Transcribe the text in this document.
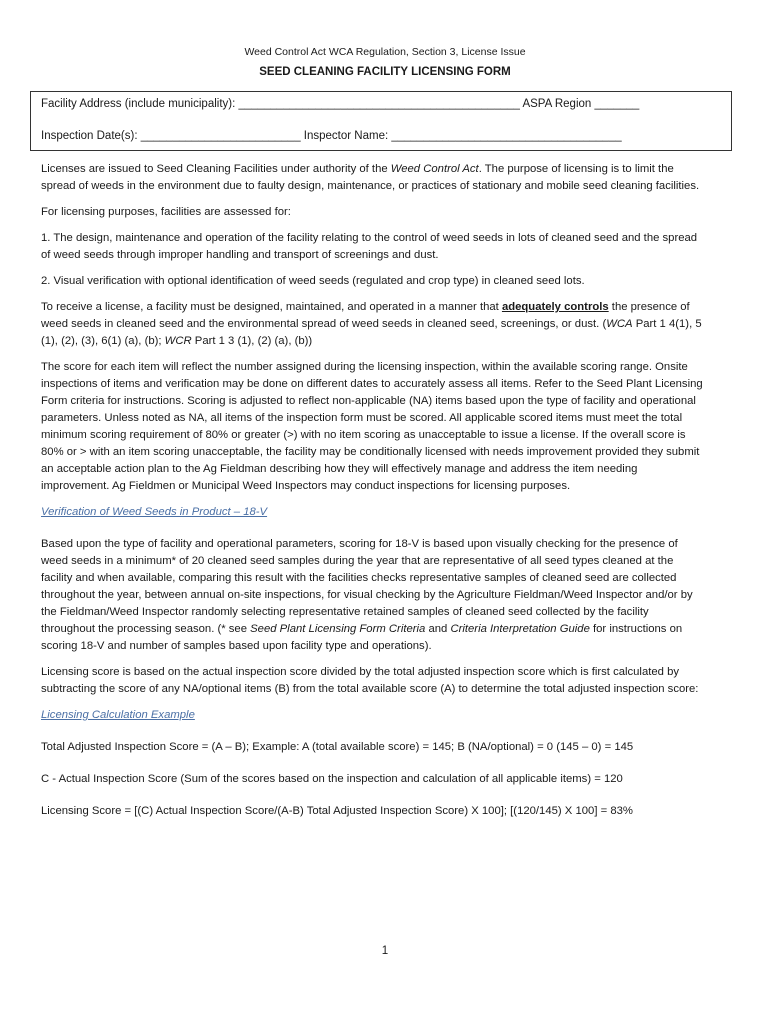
Weed Control Act WCA Regulation, Section 3, License Issue
SEED CLEANING FACILITY LICENSING FORM
Facility Address (include municipality): ____________________________________________ ASPA Region _______
Inspection Date(s): _________________________ Inspector Name: ____________________________________

Licenses are issued to Seed Cleaning Facilities under authority of the Weed Control Act. The purpose of licensing is to limit the spread of weeds in the environment due to faulty design, maintenance, or practices of stationary and mobile seed cleaning facilities.

For licensing purposes, facilities are assessed for:

1. The design, maintenance and operation of the facility relating to the control of weed seeds in lots of cleaned seed and the spread of weed seeds through improper handling and transport of screenings and dust.

2. Visual verification with optional identification of weed seeds (regulated and crop type) in cleaned seed lots.

To receive a license, a facility must be designed, maintained, and operated in a manner that adequately controls the presence of weed seeds in cleaned seed and the environmental spread of weed seeds in cleaned seed, screenings, or dust. (WCA Part 1 4(1), 5 (1), (2), (3), 6(1) (a), (b); WCR Part 1 3 (1), (2) (a), (b))

The score for each item will reflect the number assigned during the licensing inspection, within the available scoring range. Onsite inspections of items and verification may be done on different dates to accurately assess all items. Refer to the Seed Plant Licensing Form criteria for instructions. Scoring is adjusted to reflect non-applicable (NA) items based upon the type of facility and operational parameters. Unless noted as NA, all items of the inspection form must be scored. All applicable scored items must meet the total minimum scoring requirement of 80% or greater (>) with no item scoring as unacceptable to issue a license. If the overall score is 80% or > with an item scoring unacceptable, the facility may be conditionally licensed with needs improvement provided they submit an acceptable action plan to the Ag Fieldman describing how they will effectively manage and address the item needing improvement. Ag Fieldmen or Municipal Weed Inspectors may conduct inspections for licensing purposes.

Verification of Weed Seeds in Product – 18-V

Based upon the type of facility and operational parameters, scoring for 18-V is based upon visually checking for the presence of weed seeds in a minimum* of 20 cleaned seed samples during the year that are representative of all seed types cleaned at the facility and when available, comparing this result with the facilities checks representative samples of cleaned seed are collected throughout the year, between annual on-site inspections, for visual checking by the Agriculture Fieldman/Weed Inspector and/or by the Fieldman/Weed Inspector randomly selecting representative retained samples of cleaned seed collected by the facility throughout the processing season. (* see Seed Plant Licensing Form Criteria and Criteria Interpretation Guide for instructions on scoring 18-V and number of samples based upon facility type and operations).

Licensing score is based on the actual inspection score divided by the total adjusted inspection score which is first calculated by subtracting the score of any NA/optional items (B) from the total available score (A) to determine the total adjusted inspection score:

Licensing Calculation Example

Total Adjusted Inspection Score = (A – B); Example: A (total available score) = 145; B (NA/optional) = 0 (145 – 0) = 145

C - Actual Inspection Score (Sum of the scores based on the inspection and calculation of all applicable items) = 120

Licensing Score = [(C) Actual Inspection Score/(A-B) Total Adjusted Inspection Score) X 100]; [(120/145) X 100] = 83%

1
